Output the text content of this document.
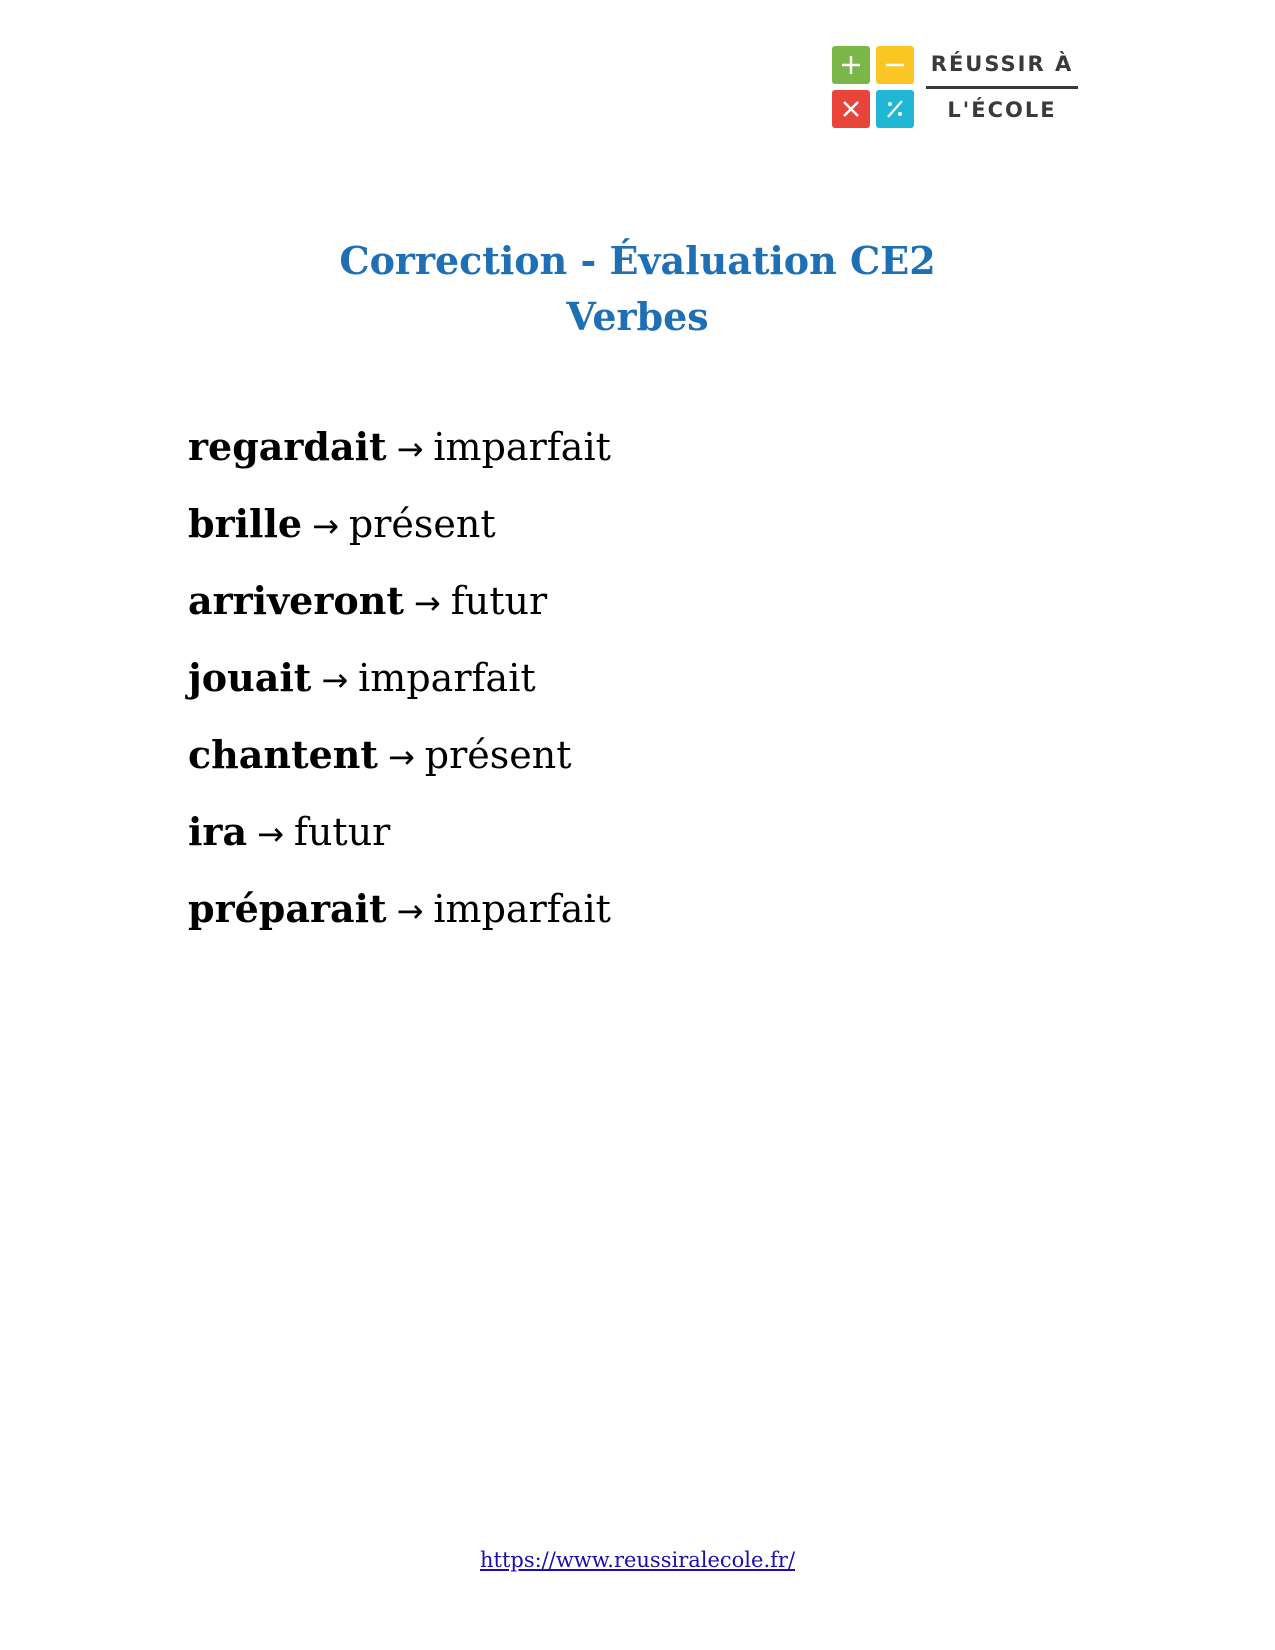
RÉUSSIR À
L'ÉCOLE
Correction - Évaluation CE2
Verbes
regardait → imparfait
brille → présent
arriveront → futur
jouait → imparfait
chantent → présent
ira → futur
préparait → imparfait
https://www.reussiralecole.fr/
